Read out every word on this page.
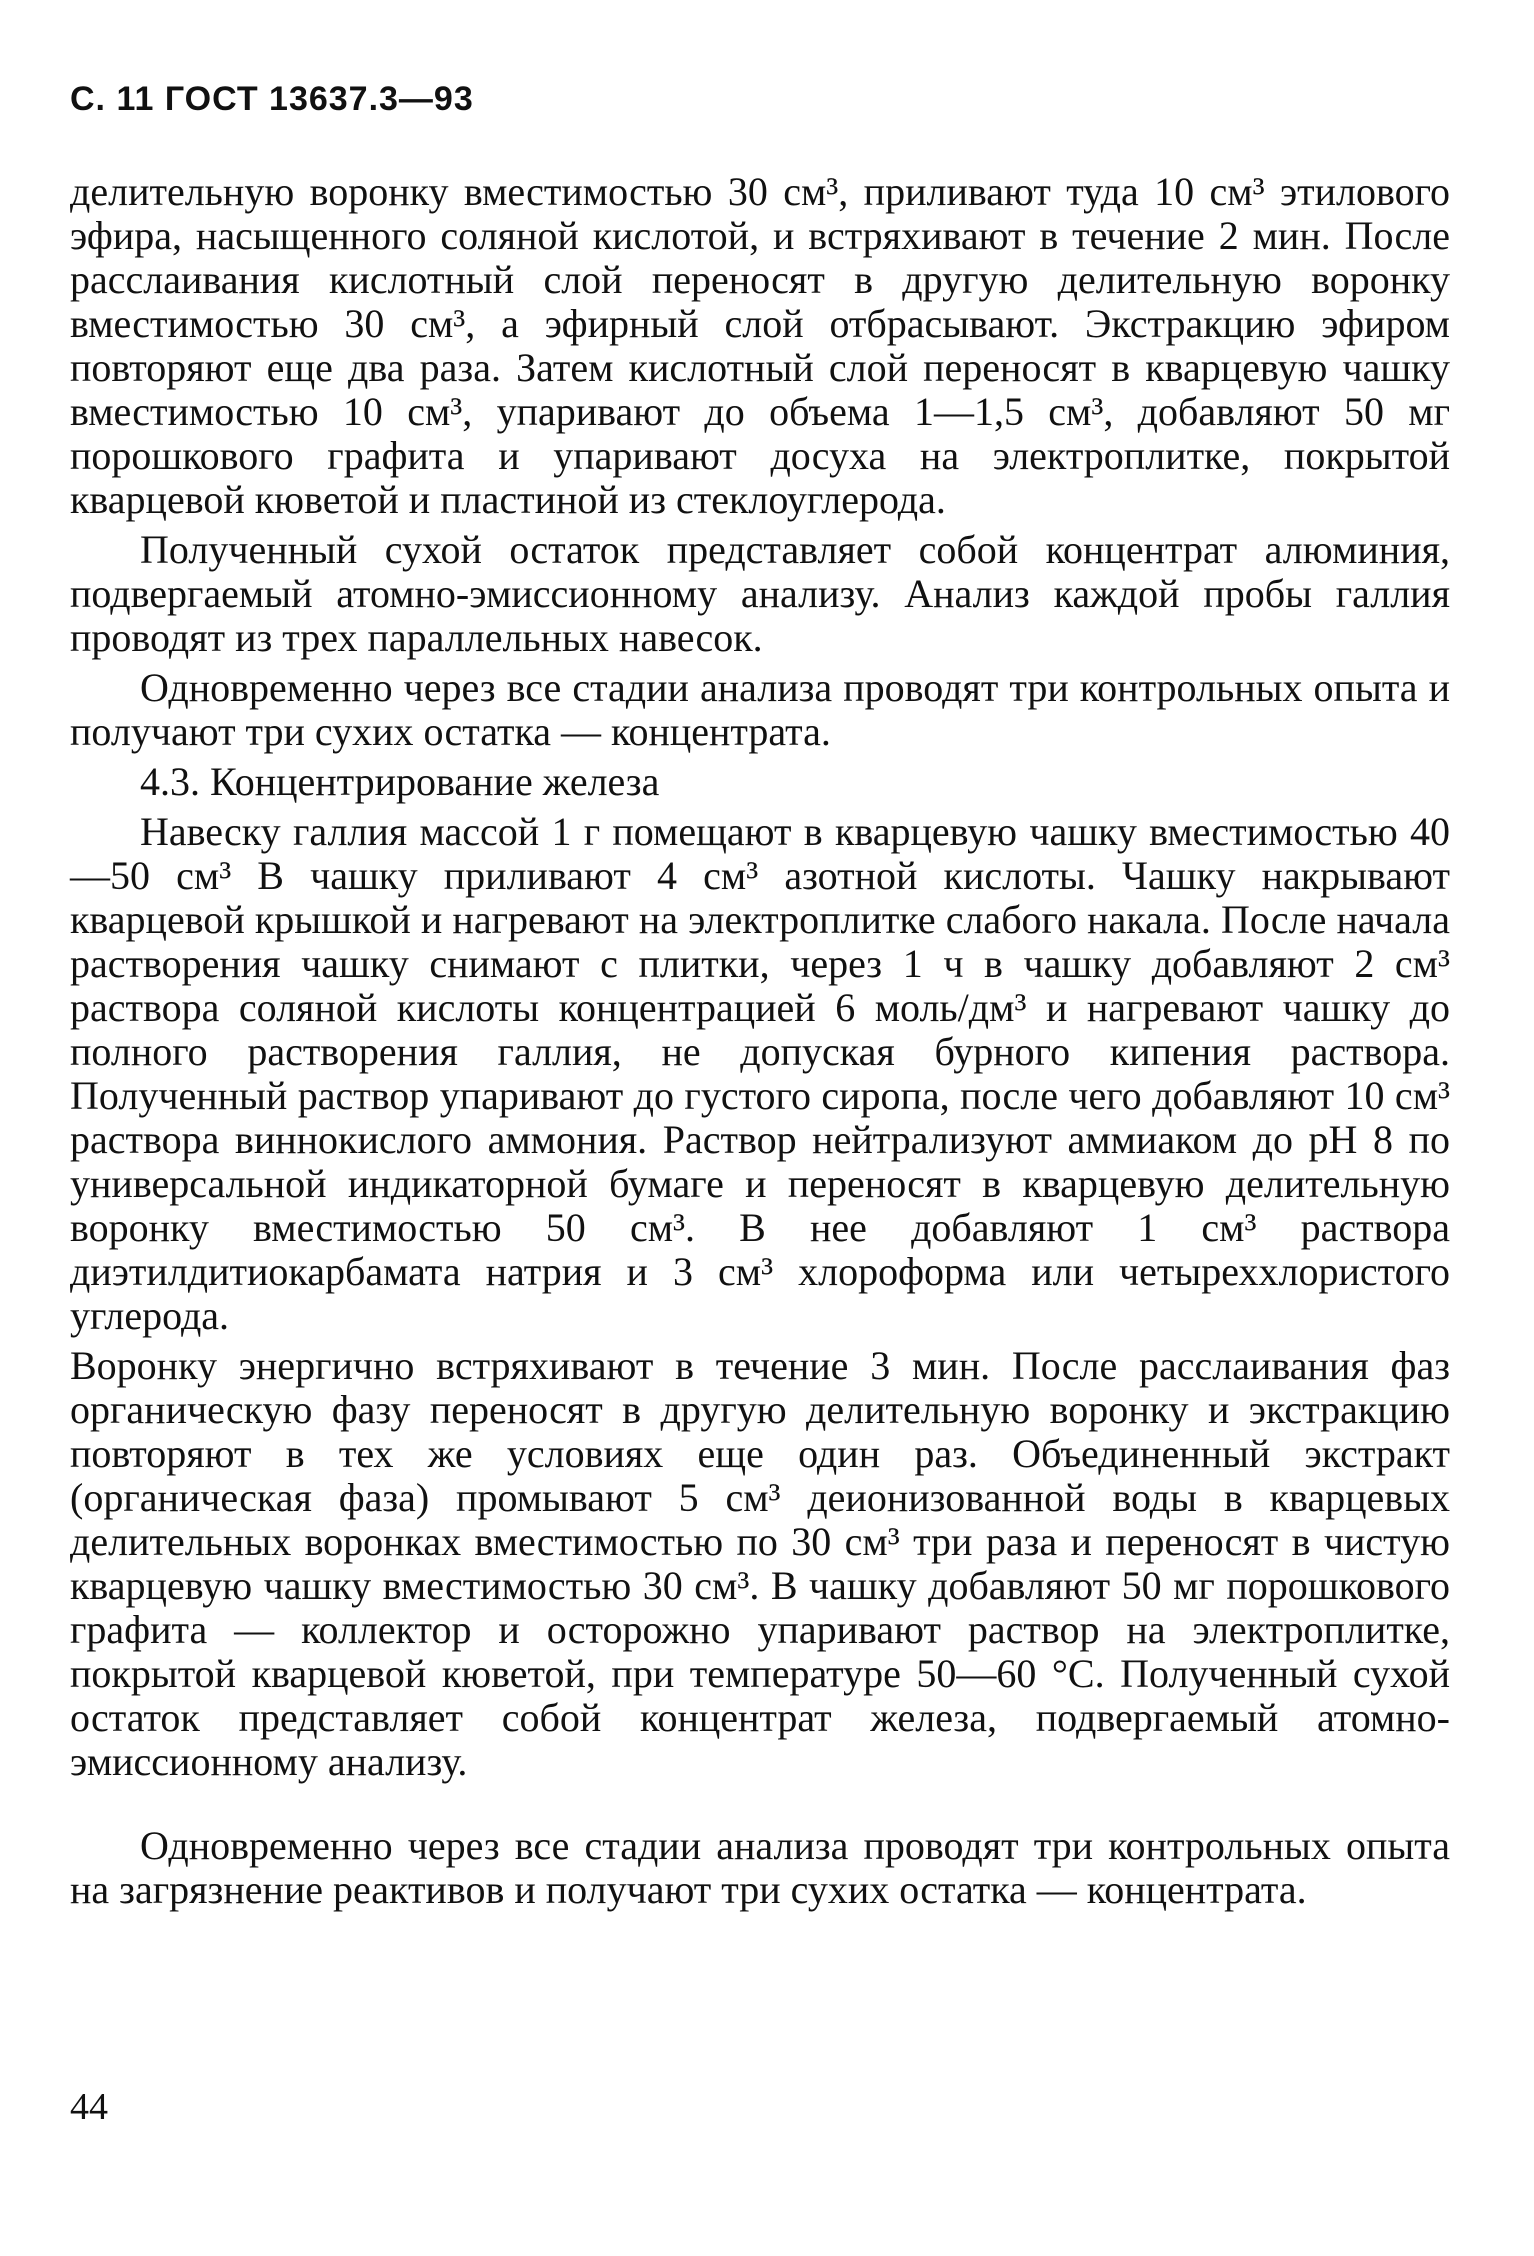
С. 11 ГОСТ 13637.3—93

делительную воронку вместимостью 30 см³, приливают туда 10 см³ этилового эфира, насыщенного соляной кислотой, и встряхивают в течение 2 мин. После расслаивания кислотный слой переносят в другую делительную воронку вместимостью 30 см³, а эфирный слой отбрасывают. Экстракцию эфиром повторяют еще два раза. Затем кислотный слой переносят в кварцевую чашку вместимостью 10 см³, упаривают до объема 1—1,5 см³, добавляют 50 мг порошкового графита и упаривают досуха на электроплитке, покрытой кварцевой кюветой и пластиной из стеклоуглерода.

Полученный сухой остаток представляет собой концентрат алюминия, подвергаемый атомно-эмиссионному анализу. Анализ каждой пробы галлия проводят из трех параллельных навесок.

Одновременно через все стадии анализа проводят три контрольных опыта и получают три сухих остатка — концентрата.

4.3. Концентрирование железа

Навеску галлия массой 1 г помещают в кварцевую чашку вместимостью 40—50 см³ В чашку приливают 4 см³ азотной кислоты. Чашку накрывают кварцевой крышкой и нагревают на электроплитке слабого накала. После начала растворения чашку снимают с плитки, через 1 ч в чашку добавляют 2 см³ раствора соляной кислоты концентрацией 6 моль/дм³ и нагревают чашку до полного растворения галлия, не допуская бурного кипения раствора. Полученный раствор упаривают до густого сиропа, после чего добавляют 10 см³ раствора виннокислого аммония. Раствор нейтрализуют аммиаком до pH 8 по универсальной индикаторной бумаге и переносят в кварцевую делительную воронку вместимостью 50 см³. В нее добавляют 1 см³ раствора диэтилдитиокарбамата натрия и 3 см³ хлороформа или четыреххлористого углерода.

Воронку энергично встряхивают в течение 3 мин. После расслаивания фаз органическую фазу переносят в другую делительную воронку и экстракцию повторяют в тех же условиях еще один раз. Объединенный экстракт (органическая фаза) промывают 5 см³ деионизованной воды в кварцевых делительных воронках вместимостью по 30 см³ три раза и переносят в чистую кварцевую чашку вместимостью 30 см³. В чашку добавляют 50 мг порошкового графита — коллектор и осторожно упаривают раствор на электроплитке, покрытой кварцевой кюветой, при температуре 50—60 °С. Полученный сухой остаток представляет собой концентрат железа, подвергаемый атомно-эмиссионному анализу.

Одновременно через все стадии анализа проводят три контрольных опыта на загрязнение реактивов и получают три сухих остатка — концентрата.

44
